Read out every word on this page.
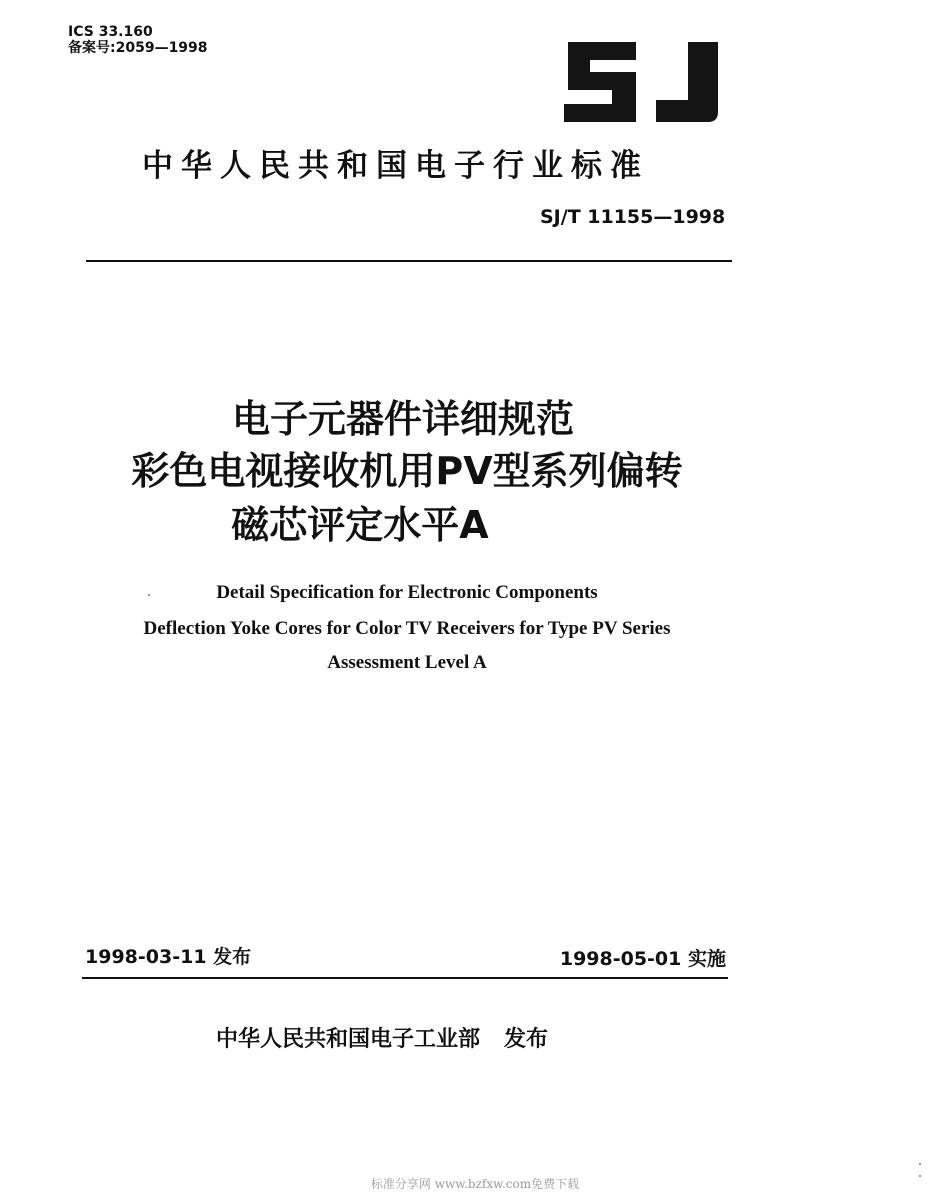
ICS 33.160
备案号:2059—1998
中华人民共和国电子行业标准
SJ/T 11155—1998
电子元器件详细规范
彩色电视接收机用PV型系列偏转
磁芯评定水平A
Detail Specification for Electronic Components
Deflection Yoke Cores for Color TV Receivers for Type PV Series
Assessment Level A
1998-03-11 发布	1998-05-01 实施
中华人民共和国电子工业部 发布
标准分享网 www.bzfxw.com免费下载
